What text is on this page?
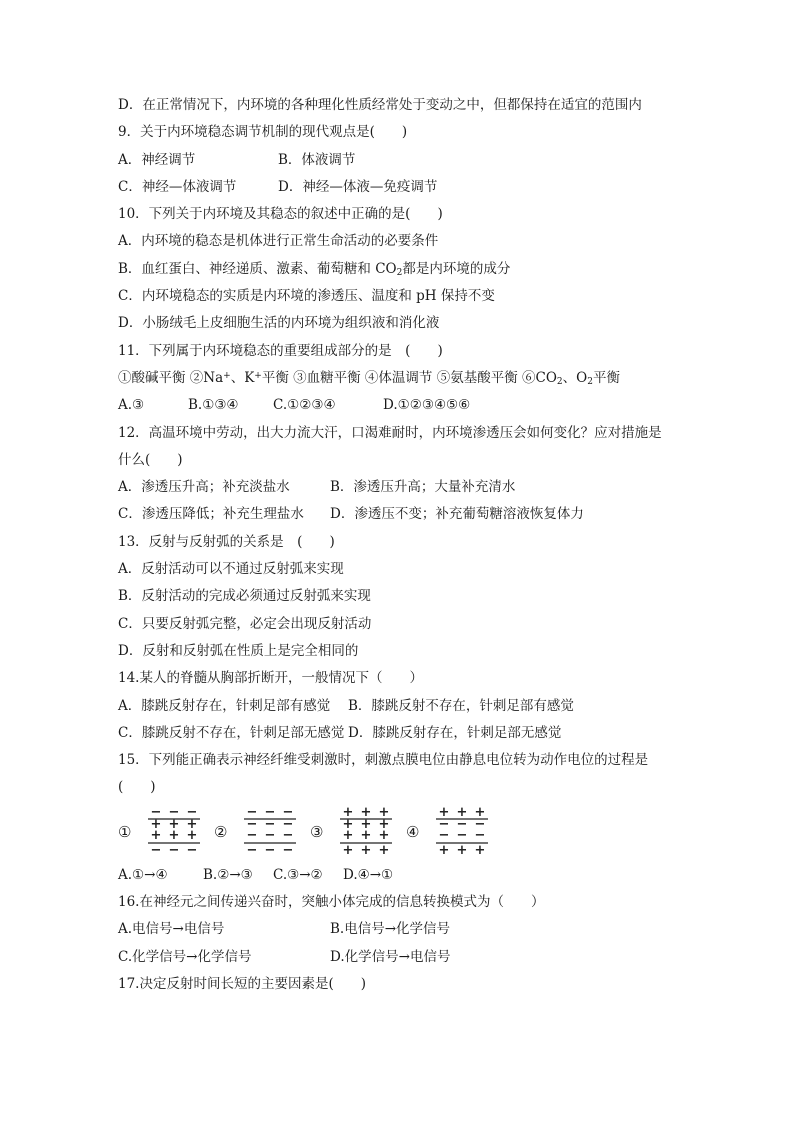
D．在正常情况下，内环境的各种理化性质经常处于变动之中，但都保持在适宜的范围内
9．关于内环境稳态调节机制的现代观点是(　　)
A．神经调节	B．体液调节
C．神经—体液调节	D．神经—体液—免疫调节
10．下列关于内环境及其稳态的叙述中正确的是(　　)
A．内环境的稳态是机体进行正常生命活动的必要条件
B．血红蛋白、神经递质、激素、葡萄糖和 $CO_2$都是内环境的成分
C．内环境稳态的实质是内环境的渗透压、温度和 pH 保持不变
D．小肠绒毛上皮细胞生活的内环境为组织液和消化液
11．下列属于内环境稳态的重要组成部分的是　(　　)
①酸碱平衡 ②Na+、K+平衡 ③血糖平衡 ④体温调节 ⑤氨基酸平衡 $⑥CO_2$、$O_2$平衡
A.③	B.①③④	C.①②③④	D.①②③④⑤⑥
12．高温环境中劳动，出大力流大汗，口渴难耐时，内环境渗透压会如何变化？应对措施是
什么(　　)
A．渗透压升高；补充淡盐水	B．渗透压升高；大量补充清水
C．渗透压降低；补充生理盐水 D．渗透压不变；补充葡萄糖溶液恢复体力
13．反射与反射弧的关系是　(　　)
A．反射活动可以不通过反射弧来实现
B．反射活动的完成必须通过反射弧来实现
C．只要反射弧完整，必定会出现反射活动
D．反射和反射弧在性质上是完全相同的
14.某人的脊髓从胸部折断开，一般情况下（　　）
A．膝跳反射存在，针刺足部有感觉 B．膝跳反射不存在，针刺足部有感觉
C．膝跳反射不存在，针刺足部无感觉 D．膝跳反射存在，针刺足部无感觉
15．下列能正确表示神经纤维受刺激时，刺激点膜电位由静息电位转为动作电位的过程是
(　　)
①
− − −
+ + +
+ + +
− − −
②
− − −
− − −
− − −
− − −
③
+ + +
+ + +
+ + +
+ + +
④
+ + +
− − −
− − −
+ + +
A.①→④	B.②→③ C.③→② D.④→①
16.在神经元之间传递兴奋时，突触小体完成的信息转换模式为（　　）
A.电信号→电信号	B.电信号→化学信号
C.化学信号→化学信号	D.化学信号→电信号
17.决定反射时间长短的主要因素是(　　)
